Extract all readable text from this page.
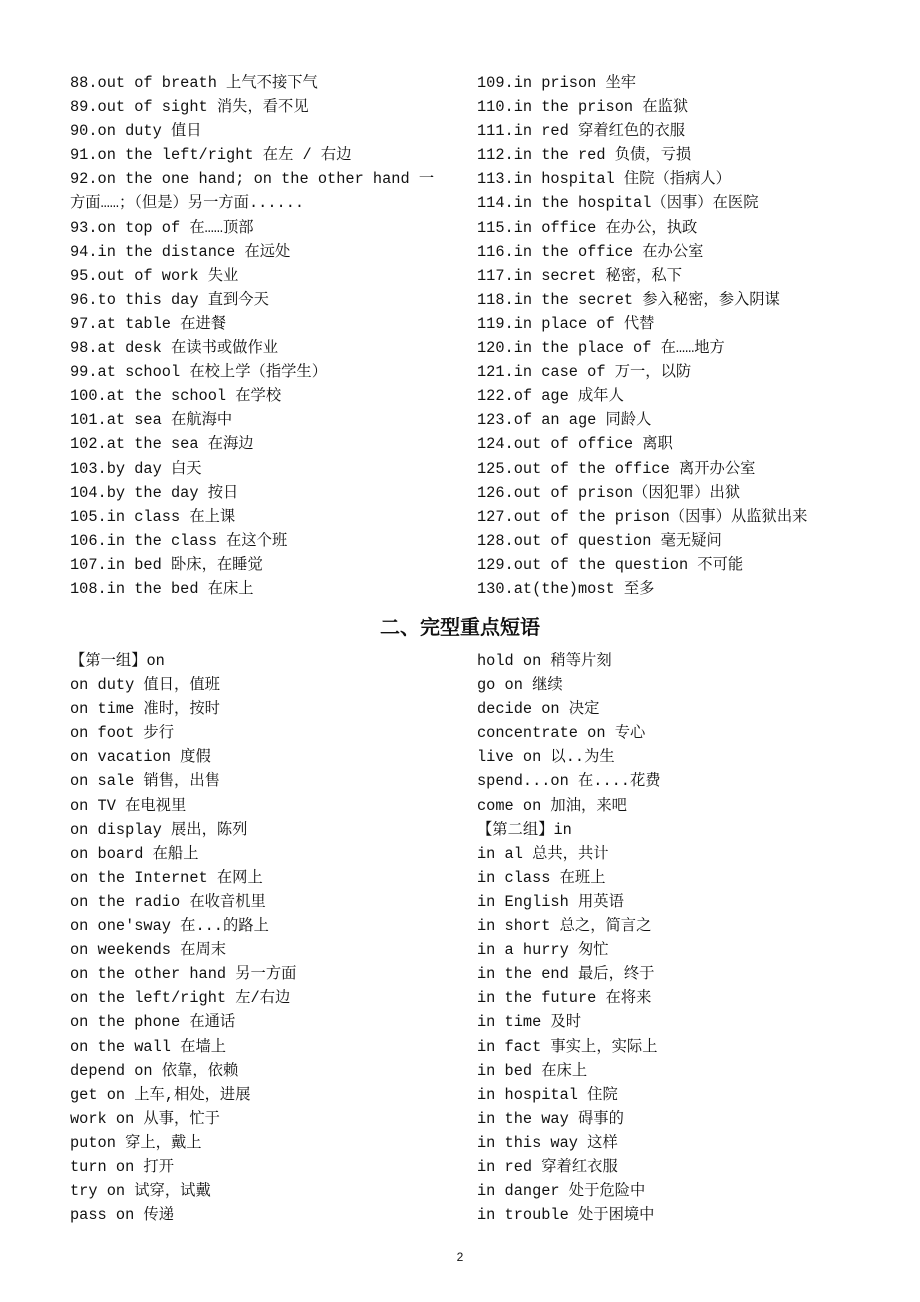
88.out of breath 上气不接下气
89.out of sight 消失，看不见
90.on duty 值日
91.on the left/right 在左 / 右边
92.on the one hand; on the other hand 一
方面……；（但是）另一方面......
93.on top of 在……顶部
94.in the distance 在远处
95.out of work 失业
96.to this day 直到今天
97.at table 在进餐
98.at desk 在读书或做作业
99.at school 在校上学（指学生）
100.at the school 在学校
101.at sea 在航海中
102.at the sea 在海边
103.by day 白天
104.by the day 按日
105.in class 在上课
106.in the class 在这个班
107.in bed 卧床，在睡觉
108.in the bed 在床上
109.in prison 坐牢
110.in the prison 在监狱
111.in red 穿着红色的衣服
112.in the red 负债，亏损
113.in hospital 住院（指病人）
114.in the hospital（因事）在医院
115.in office 在办公，执政
116.in the office 在办公室
117.in secret 秘密，私下
118.in the secret 参入秘密，参入阴谋
119.in place of 代替
120.in the place of 在……地方
121.in case of 万一，以防
122.of age 成年人
123.of an age 同龄人
124.out of office 离职
125.out of the office 离开办公室
126.out of prison（因犯罪）出狱
127.out of the prison（因事）从监狱出来
128.out of question 毫无疑问
129.out of the question 不可能
130.at(the)most 至多
二、完型重点短语
【第一组】on
on duty 值日，值班
on time 准时，按时
on foot 步行
on vacation 度假
on sale 销售，出售
on TV 在电视里
on display 展出，陈列
on board 在船上
on the Internet 在网上
on the radio 在收音机里
on one'sway 在...的路上
on weekends 在周末
on the other hand 另一方面
on the left/right 左/右边
on the phone 在通话
on the wall 在墙上
depend on 依靠，依赖
get on 上车,相处，进展
work on 从事，忙于
puton 穿上，戴上
turn on 打开
try on 试穿，试戴
pass on 传递
hold on 稍等片刻
go on 继续
decide on 决定
concentrate on 专心
live on 以..为生
spend...on 在....花费
come on 加油，来吧
【第二组】in
in al 总共，共计
in class 在班上
in English 用英语
in short 总之，简言之
in a hurry 匆忙
in the end 最后，终于
in the future 在将来
in time 及时
in fact 事实上，实际上
in bed 在床上
in hospital 住院
in the way 碍事的
in this way 这样
in red 穿着红衣服
in danger 处于危险中
in trouble 处于困境中
2
